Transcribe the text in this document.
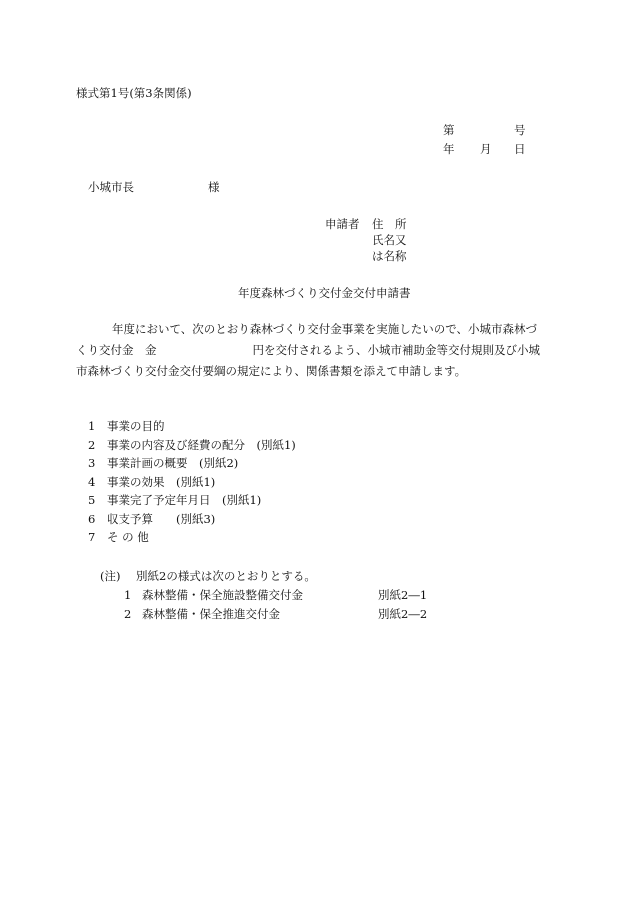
様式第1号(第3条関係)
第	号
年 月 日
小城市長	様
申請者 住　所
氏名又
は名称
年度森林づくり交付金交付申請書
年度において、次のとおり森林づくり交付金事業を実施したいので、小城市森林づ
くり交付金　金	円を交付されるよう、小城市補助金等交付規則及び小城
市森林づくり交付金交付要綱の規定により、関係書類を添えて申請します。
1 事業の目的
2 事業の内容及び経費の配分　(別紙1)
3 事業計画の概要　(別紙2)
4 事業の効果　(別紙1)
5 事業完了予定年月日　(別紙1)
6 収支予算　　(別紙3)
7 そ の 他
(注) 別紙2の様式は次のとおりとする。
1 森林整備・保全施設整備交付金	別紙2―1
2 森林整備・保全推進交付金	別紙2―2
